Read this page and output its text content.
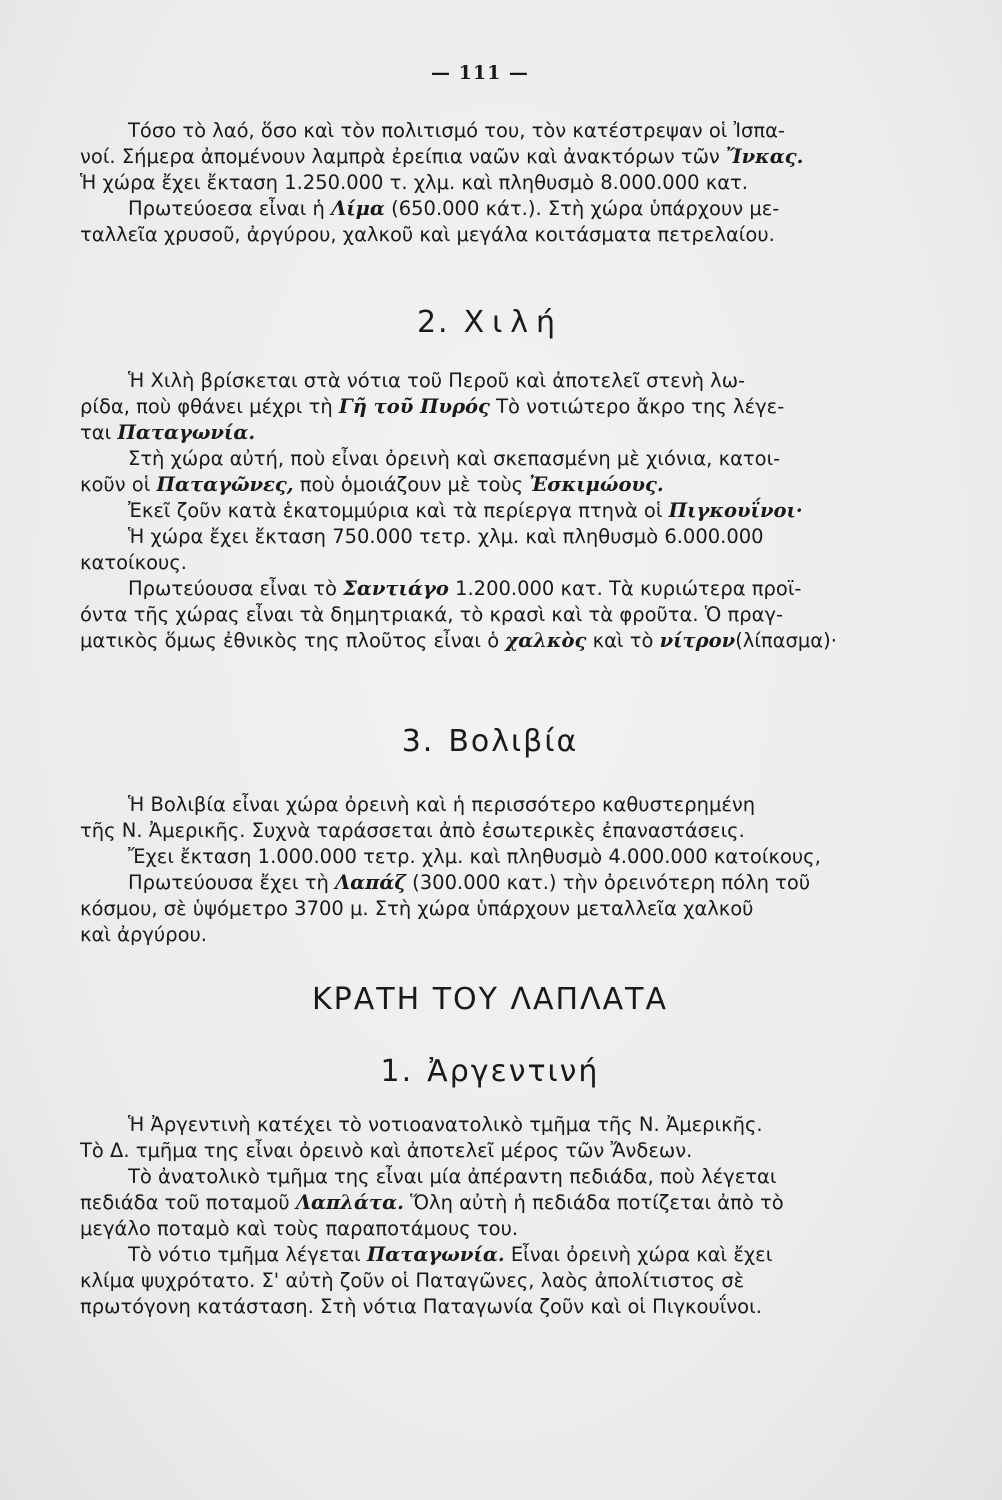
— 111 —
Τόσο τὸ λαό, ὅσο καὶ τὸν πολιτισμό του, τὸν κατέστρεψαν οἱ Ἰσπα-
νοί. Σήμερα ἀπομένουν λαμπρὰ ἐρείπια ναῶν καὶ ἀνακτόρων τῶν Ἴνκας.
Ἡ χώρα ἔχει ἔκταση 1.250.000 τ. χλμ. καὶ πληθυσμὸ 8.000.000 κατ.
Πρωτεύοεσα εἶναι ἡ Λίμα (650.000 κάτ.). Στὴ χώρα ὑπάρχουν με-
ταλλεῖα χρυσοῦ, ἀργύρου, χαλκοῦ καὶ μεγάλα κοιτάσματα πετρελαίου.
2. Χιλή
Ἡ Χιλὴ βρίσκεται στὰ νότια τοῦ Περοῦ καὶ ἀποτελεῖ στενὴ λω-
ρίδα, ποὺ φθάνει μέχρι τὴ Γῆ τοῦ Πυρός Τὸ νοτιώτερο ἄκρο της λέγε-
ται Παταγωνία.
Στὴ χώρα αὐτή, ποὺ εἶναι ὀρεινὴ καὶ σκεπασμένη μὲ χιόνια, κατοι-
κοῦν οἱ Παταγῶνες, ποὺ ὁμοιάζουν μὲ τοὺς Ἐσκιμώους.
Ἐκεῖ ζοῦν κατὰ ἑκατομμύρια καὶ τὰ περίεργα πτηνὰ οἱ Πιγκουΐνοι·
Ἡ χώρα ἔχει ἔκταση 750.000 τετρ. χλμ. καὶ πληθυσμὸ 6.000.000
κατοίκους.
Πρωτεύουσα εἶναι τὸ Σαντιάγο 1.200.000 κατ. Τὰ κυριώτερα προϊ-
όντα τῆς χώρας εἶναι τὰ δημητριακά, τὸ κρασὶ καὶ τὰ φροῦτα. Ὁ πραγ-
ματικὸς ὅμως ἐθνικὸς της πλοῦτος εἶναι ὁ χαλκὸς καὶ τὸ νίτρον(λίπασμα)·
3. Βολιβία
Ἡ Βολιβία εἶναι χώρα ὀρεινὴ καὶ ἡ περισσότερο καθυστερημένη
τῆς Ν. Ἀμερικῆς. Συχνὰ ταράσσεται ἀπὸ ἐσωτερικὲς ἐπαναστάσεις.
Ἔχει ἔκταση 1.000.000 τετρ. χλμ. καὶ πληθυσμὸ 4.000.000 κατοίκους,
Πρωτεύουσα ἔχει τὴ Λαπάζ (300.000 κατ.) τὴν ὀρεινότερη πόλη τοῦ
κόσμου, σὲ ὑψόμετρο 3700 μ. Στὴ χώρα ὑπάρχουν μεταλλεῖα χαλκοῦ
καὶ ἀργύρου.
ΚΡΑΤΗ ΤΟΥ ΛΑΠΛΑΤΑ
1. Ἀργεντινή
Ἡ Ἀργεντινὴ κατέχει τὸ νοτιοανατολικὸ τμῆμα τῆς Ν. Ἀμερικῆς.
Τὸ Δ. τμῆμα της εἶναι ὀρεινὸ καὶ ἀποτελεῖ μέρος τῶν Ἄνδεων.
Τὸ ἀνατολικὸ τμῆμα της εἶναι μία ἀπέραντη πεδιάδα, ποὺ λέγεται
πεδιάδα τοῦ ποταμοῦ Λαπλάτα. Ὅλη αὐτὴ ἡ πεδιάδα ποτίζεται ἀπὸ τὸ
μεγάλο ποταμὸ καὶ τοὺς παραποτάμους του.
Τὸ νότιο τμῆμα λέγεται Παταγωνία. Εἶναι ὀρεινὴ χώρα καὶ ἔχει
κλίμα ψυχρότατο. Σ' αὐτὴ ζοῦν οἱ Παταγῶνες, λαὸς ἀπολίτιστος σὲ
πρωτόγονη κατάσταση. Στὴ νότια Παταγωνία ζοῦν καὶ οἱ Πιγκουΐνοι.
